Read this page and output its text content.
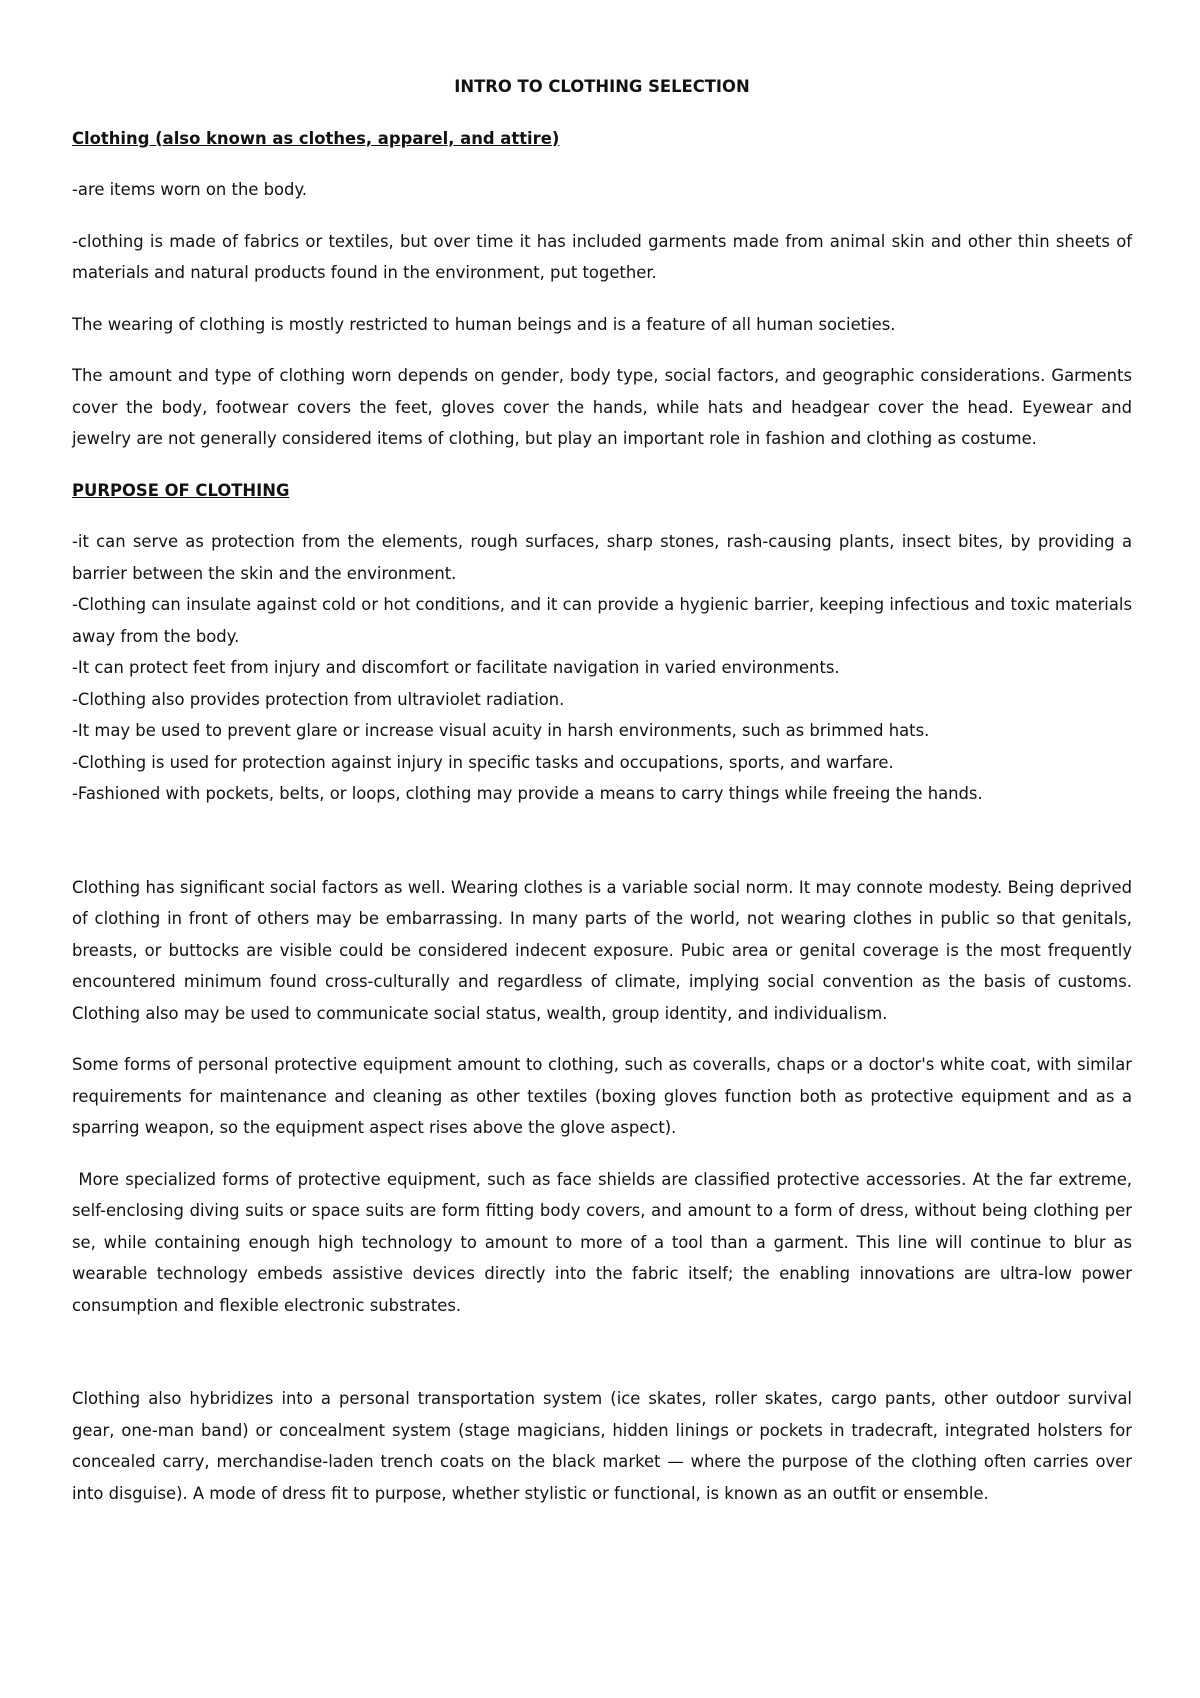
INTRO TO CLOTHING SELECTION

Clothing (also known as clothes, apparel, and attire)

-are items worn on the body.

-clothing is made of fabrics or textiles, but over time it has included garments made from animal skin and other thin sheets of materials and natural products found in the environment, put together.

The wearing of clothing is mostly restricted to human beings and is a feature of all human societies.

The amount and type of clothing worn depends on gender, body type, social factors, and geographic considerations. Garments cover the body, footwear covers the feet, gloves cover the hands, while hats and headgear cover the head. Eyewear and jewelry are not generally considered items of clothing, but play an important role in fashion and clothing as costume.

PURPOSE OF CLOTHING

-it can serve as protection from the elements, rough surfaces, sharp stones, rash-causing plants, insect bites, by providing a barrier between the skin and the environment.

-Clothing can insulate against cold or hot conditions, and it can provide a hygienic barrier, keeping infectious and toxic materials away from the body.

-It can protect feet from injury and discomfort or facilitate navigation in varied environments.

-Clothing also provides protection from ultraviolet radiation.

-It may be used to prevent glare or increase visual acuity in harsh environments, such as brimmed hats.

-Clothing is used for protection against injury in specific tasks and occupations, sports, and warfare.

-Fashioned with pockets, belts, or loops, clothing may provide a means to carry things while freeing the hands.

Clothing has significant social factors as well. Wearing clothes is a variable social norm. It may connote modesty. Being deprived of clothing in front of others may be embarrassing. In many parts of the world, not wearing clothes in public so that genitals, breasts, or buttocks are visible could be considered indecent exposure. Pubic area or genital coverage is the most frequently encountered minimum found cross-culturally and regardless of climate, implying social convention as the basis of customs. Clothing also may be used to communicate social status, wealth, group identity, and individualism.

Some forms of personal protective equipment amount to clothing, such as coveralls, chaps or a doctor's white coat, with similar requirements for maintenance and cleaning as other textiles (boxing gloves function both as protective equipment and as a sparring weapon, so the equipment aspect rises above the glove aspect).

More specialized forms of protective equipment, such as face shields are classified protective accessories. At the far extreme, self-enclosing diving suits or space suits are form fitting body covers, and amount to a form of dress, without being clothing per se, while containing enough high technology to amount to more of a tool than a garment. This line will continue to blur as wearable technology embeds assistive devices directly into the fabric itself; the enabling innovations are ultra-low power consumption and flexible electronic substrates.

Clothing also hybridizes into a personal transportation system (ice skates, roller skates, cargo pants, other outdoor survival gear, one-man band) or concealment system (stage magicians, hidden linings or pockets in tradecraft, integrated holsters for concealed carry, merchandise-laden trench coats on the black market — where the purpose of the clothing often carries over into disguise). A mode of dress fit to purpose, whether stylistic or functional, is known as an outfit or ensemble.
